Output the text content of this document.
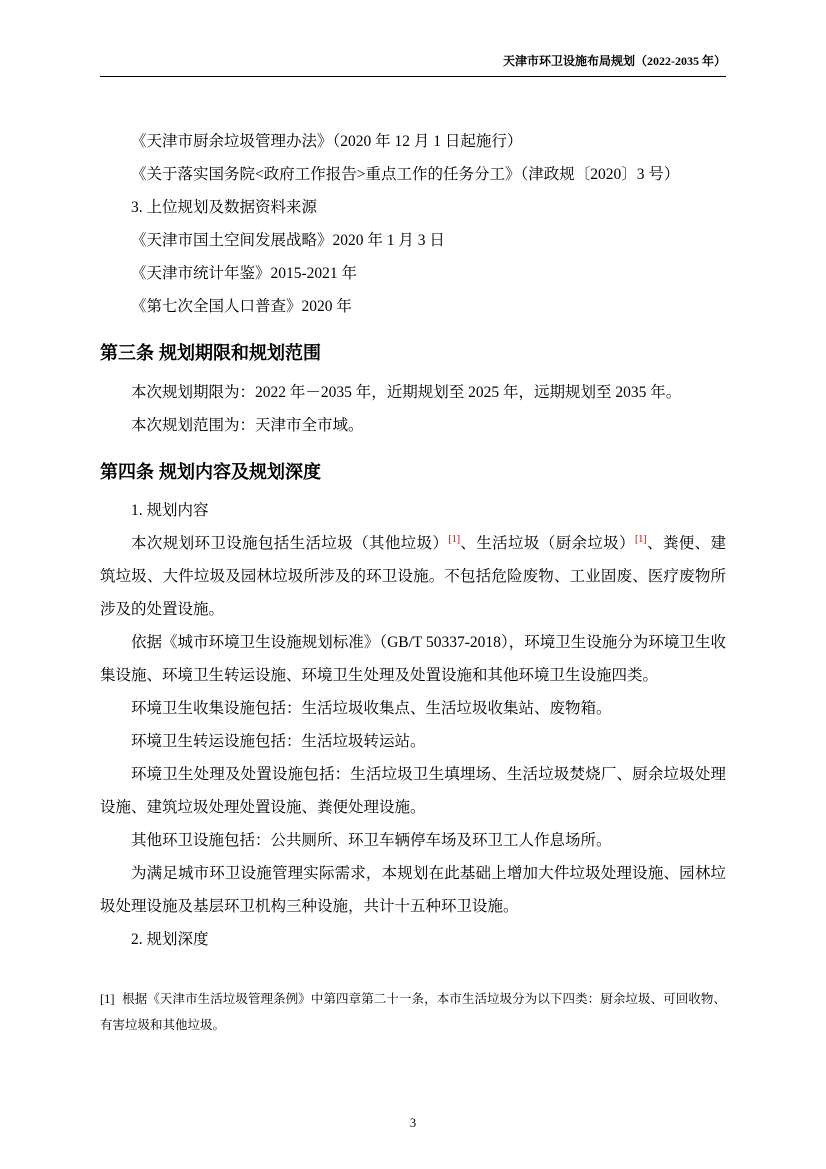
天津市环卫设施布局规划（2022-2035 年）

《天津市厨余垃圾管理办法》（2020 年 12 月 1 日起施行）

《关于落实国务院<政府工作报告>重点工作的任务分工》（津政规〔2020〕3 号）

3. 上位规划及数据资料来源

《天津市国土空间发展战略》2020 年 1 月 3 日

《天津市统计年鉴》2015-2021 年

《第七次全国人口普查》2020 年

第三条 规划期限和规划范围

本次规划期限为：2022 年－2035 年，近期规划至 2025 年，远期规划至 2035 年。

本次规划范围为：天津市全市域。

第四条 规划内容及规划深度

1. 规划内容

本次规划环卫设施包括生活垃圾（其他垃圾）[1]、生活垃圾（厨余垃圾）[1]、粪便、建筑垃圾、大件垃圾及园林垃圾所涉及的环卫设施。不包括危险废物、工业固废、医疗废物所涉及的处置设施。

依据《城市环境卫生设施规划标准》（GB/T 50337-2018），环境卫生设施分为环境卫生收集设施、环境卫生转运设施、环境卫生处理及处置设施和其他环境卫生设施四类。

环境卫生收集设施包括：生活垃圾收集点、生活垃圾收集站、废物箱。

环境卫生转运设施包括：生活垃圾转运站。

环境卫生处理及处置设施包括：生活垃圾卫生填埋场、生活垃圾焚烧厂、厨余垃圾处理设施、建筑垃圾处理处置设施、粪便处理设施。

其他环卫设施包括：公共厕所、环卫车辆停车场及环卫工人作息场所。

为满足城市环卫设施管理实际需求，本规划在此基础上增加大件垃圾处理设施、园林垃圾处理设施及基层环卫机构三种设施，共计十五种环卫设施。

2. 规划深度

[1] 根据《天津市生活垃圾管理条例》中第四章第二十一条，本市生活垃圾分为以下四类：厨余垃圾、可回收物、有害垃圾和其他垃圾。
3
